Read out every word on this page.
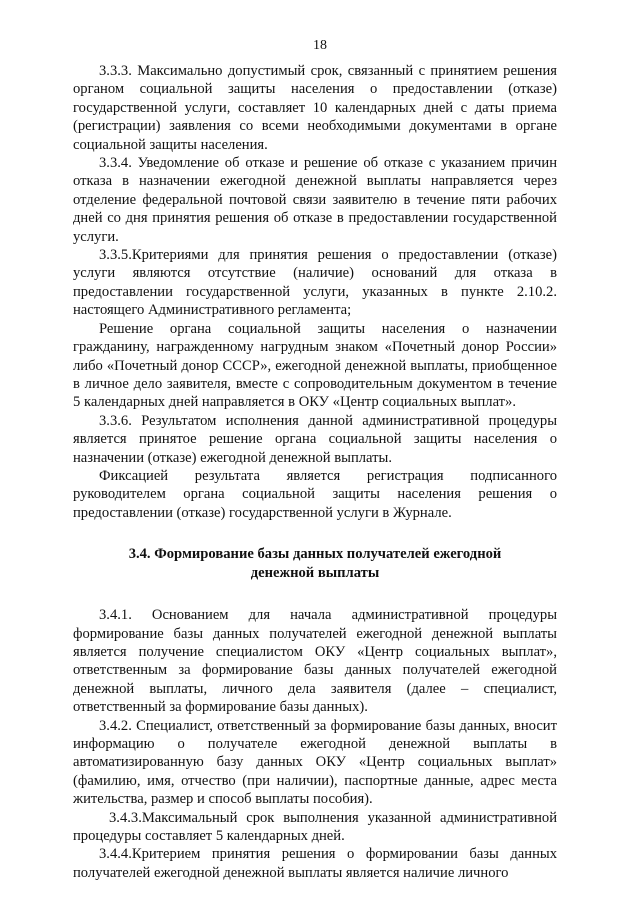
18

3.3.3. Максимально допустимый срок, связанный с принятием решения органом социальной защиты населения о предоставлении (отказе) государственной услуги, составляет 10 календарных дней с даты приема (регистрации) заявления со всеми необходимыми документами в органе социальной защиты населения.

3.3.4. Уведомление об отказе и решение об отказе с указанием причин отказа в назначении ежегодной денежной выплаты направляется через отделение федеральной почтовой связи заявителю в течение пяти рабочих дней со дня принятия решения об отказе в предоставлении государственной услуги.

3.3.5.Критериями для принятия решения о предоставлении (отказе) услуги являются отсутствие (наличие) оснований для отказа в предоставлении государственной услуги, указанных в пункте 2.10.2. настоящего Административного регламента;

Решение органа социальной защиты населения о назначении гражданину, награжденному нагрудным знаком «Почетный донор России» либо «Почетный донор СССР», ежегодной денежной выплаты, приобщенное в личное дело заявителя, вместе с сопроводительным документом в течение 5 календарных дней направляется в ОКУ «Центр социальных выплат».

3.3.6. Результатом исполнения данной административной процедуры является принятое решение органа социальной защиты населения о назначении (отказе) ежегодной денежной выплаты.

Фиксацией результата является регистрация подписанного руководителем органа социальной защиты населения решения о предоставлении (отказе) государственной услуги в Журнале.

3.4. Формирование базы данных получателей ежегодной денежной выплаты

3.4.1. Основанием для начала административной процедуры формирование базы данных получателей ежегодной денежной выплаты является получение специалистом ОКУ «Центр социальных выплат», ответственным за формирование базы данных получателей ежегодной денежной выплаты, личного дела заявителя (далее – специалист, ответственный за формирование базы данных).

3.4.2. Специалист, ответственный за формирование базы данных, вносит информацию о получателе ежегодной денежной выплаты в автоматизированную базу данных ОКУ «Центр социальных выплат» (фамилию, имя, отчество (при наличии), паспортные данные, адрес места жительства, размер и способ выплаты пособия).

3.4.3.Максимальный срок выполнения указанной административной процедуры составляет 5 календарных дней.

3.4.4.Критерием принятия решения о формировании базы данных получателей ежегодной денежной выплаты является наличие личного
